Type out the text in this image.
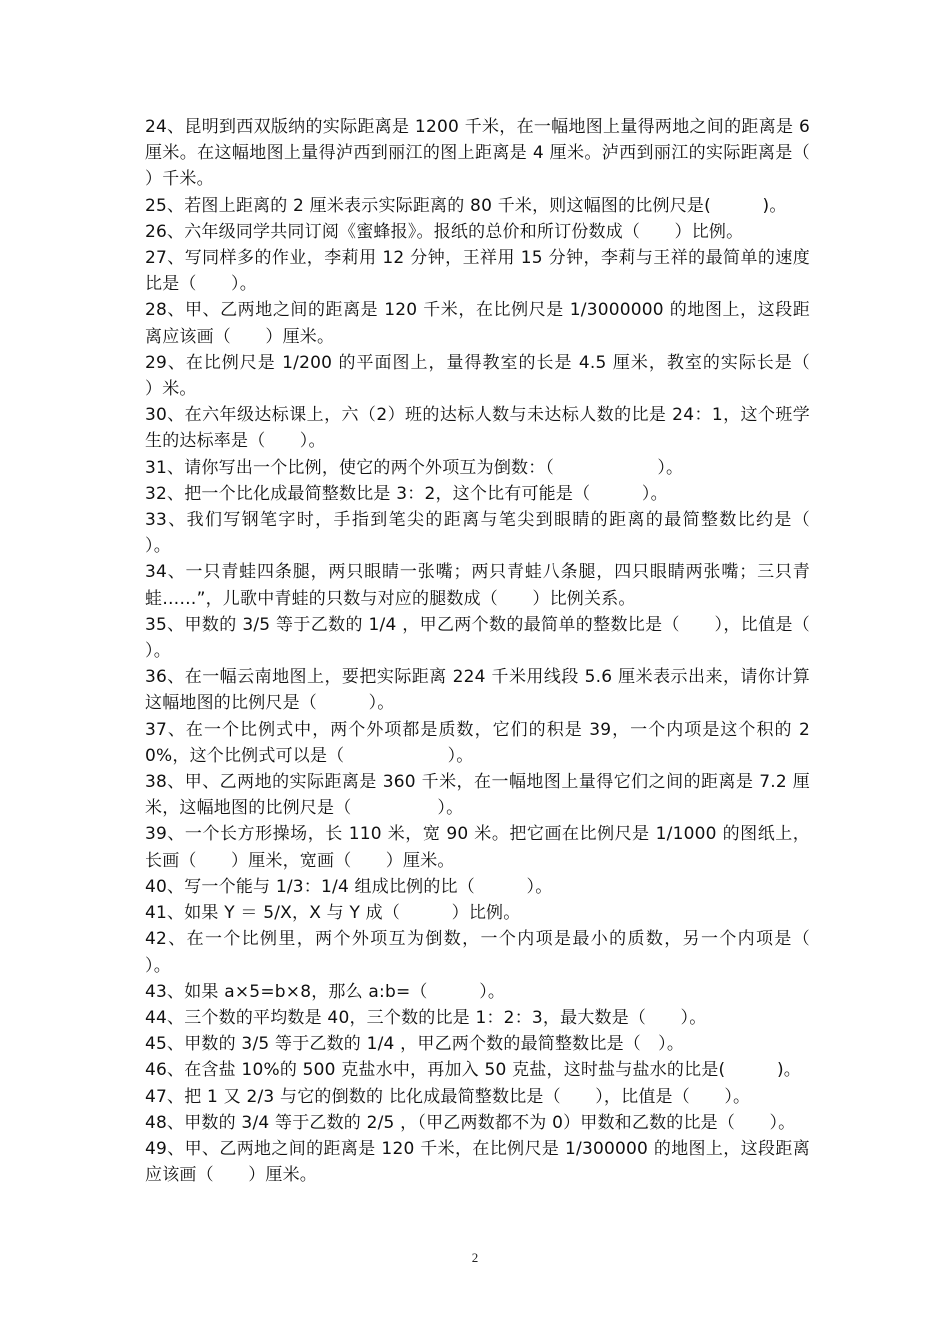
24、昆明到西双版纳的实际距离是 1200 千米，在一幅地图上量得两地之间的距离是 6 厘米。在这幅地图上量得泸西到丽江的图上距离是 4 厘米。泸西到丽江的实际距离是（　　）千米。
25、若图上距离的 2 厘米表示实际距离的 80 千米，则这幅图的比例尺是(　　　)。
26、六年级同学共同订阅《蜜蜂报》。报纸的总价和所订份数成（　　）比例。
27、写同样多的作业，李莉用 12 分钟，王祥用 15 分钟，李莉与王祥的最简单的速度比是（　　）。
28、甲、乙两地之间的距离是 120 千米，在比例尺是 1/3000000 的地图上，这段距离应该画（　　）厘米。
29、在比例尺是 1/200 的平面图上，量得教室的长是 4.5 厘米，教室的实际长是（　　）米。
30、在六年级达标课上，六（2）班的达标人数与未达标人数的比是 24：1，这个班学生的达标率是（　　）。
31、请你写出一个比例，使它的两个外项互为倒数：（　　　　　　）。
32、把一个比化成最简整数比是 3：2，这个比有可能是（　　　）。
33、我们写钢笔字时，手指到笔尖的距离与笔尖到眼睛的距离的最简整数比约是（　　）。
34、一只青蛙四条腿，两只眼睛一张嘴；两只青蛙八条腿，四只眼睛两张嘴；三只青蛙……”，儿歌中青蛙的只数与对应的腿数成（　　）比例关系。
35、甲数的 3/5 等于乙数的 1/4 ，甲乙两个数的最简单的整数比是（　　），比值是（　　）。
36、在一幅云南地图上，要把实际距离 224 千米用线段 5.6 厘米表示出来，请你计算这幅地图的比例尺是（　　　）。
37、在一个比例式中，两个外项都是质数，它们的积是 39，一个内项是这个积的 20%，这个比例式可以是（　　　　　　）。
38、甲、乙两地的实际距离是 360 千米，在一幅地图上量得它们之间的距离是 7.2 厘米，这幅地图的比例尺是（　　　　　）。
39、一个长方形操场，长 110 米，宽 90 米。把它画在比例尺是 1/1000 的图纸上，长画（　　）厘米，宽画（　　）厘米。
40、写一个能与 1/3：1/4 组成比例的比（　　　）。
41、如果 Y ＝ 5/X，X 与 Y 成（　　　）比例。
42、在一个比例里，两个外项互为倒数，一个内项是最小的质数，另一个内项是（　　　）。
43、如果 a×5=b×8，那么 a:b=（　　　）。
44、三个数的平均数是 40，三个数的比是 1：2：3，最大数是（　　）。
45、甲数的 3/5 等于乙数的 1/4 ，甲乙两个数的最简整数比是（　）。
46、在含盐 10%的 500 克盐水中，再加入 50 克盐，这时盐与盐水的比是(　　　)。
47、把 1 又 2/3 与它的倒数的 比化成最简整数比是（　　），比值是（　　）。
48、甲数的 3/4 等于乙数的 2/5 ，（甲乙两数都不为 0）甲数和乙数的比是（　　）。
49、甲、乙两地之间的距离是 120 千米，在比例尺是 1/300000 的地图上，这段距离应该画（　　）厘米。
2
